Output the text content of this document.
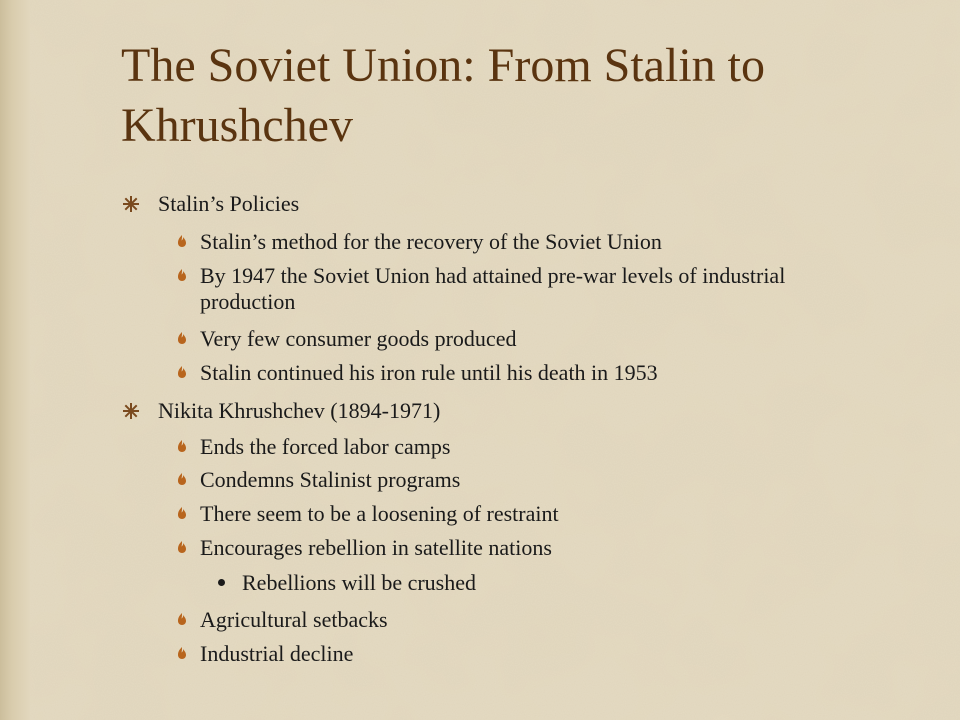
The Soviet Union: From Stalin to
Khrushchev
Stalin’s Policies
Stalin’s method for the recovery of the Soviet Union
By 1947 the Soviet Union had attained pre-war levels of industrial
production
Very few consumer goods produced
Stalin continued his iron rule until his death in 1953
Nikita Khrushchev (1894-1971)
Ends the forced labor camps
Condemns Stalinist programs
There seem to be a loosening of restraint
Encourages rebellion in satellite nations
Rebellions will be crushed
Agricultural setbacks
Industrial decline
